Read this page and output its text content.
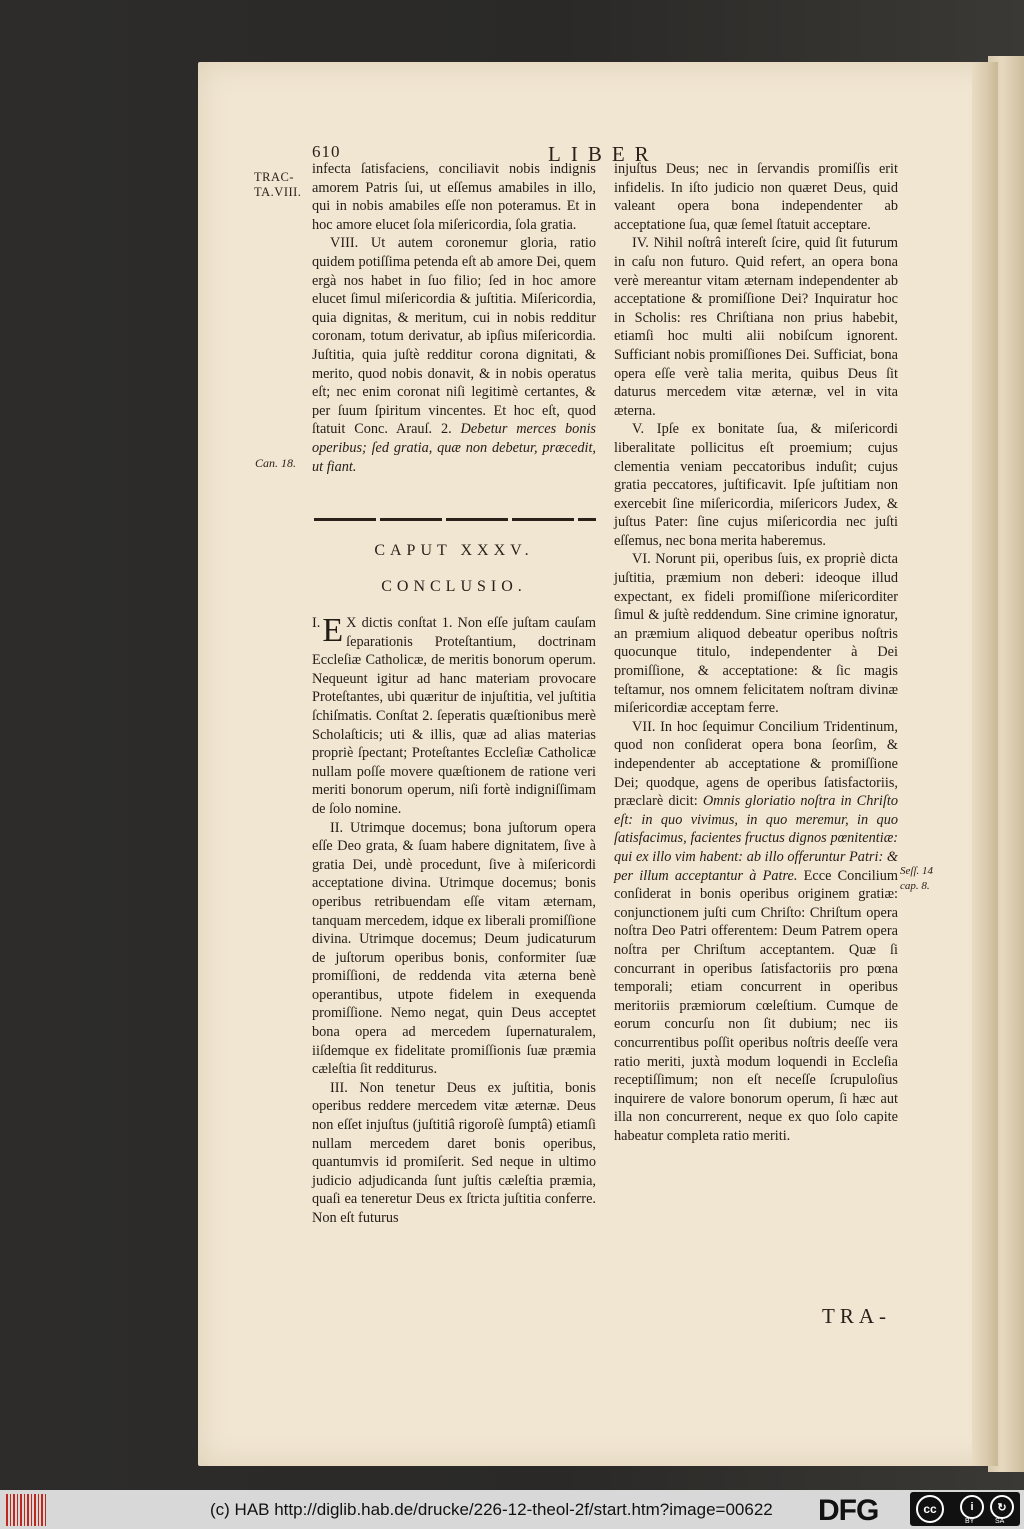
610	LIBER
TRAC-
TA.VIII.
Can. 18.
Seſſ. 14
cap. 8.

infecta ſatisfaciens, conciliavit nobis indignis amorem Patris ſui, ut eſſemus amabiles in illo, qui in nobis amabiles eſſe non poteramus. Et in hoc amore elucet ſola miſericordia, ſola gratia.

VIII. Ut autem coronemur gloria, ratio quidem potiſſima petenda eſt ab amore Dei, quem ergà nos habet in ſuo filio; ſed in hoc amore elucet ſimul miſericordia & juſtitia. Miſericordia, quia dignitas, & meritum, cui in nobis redditur coronam, totum derivatur, ab ipſius miſericordia. Juſtitia, quia juſtè redditur corona dignitati, & merito, quod nobis donavit, & in nobis operatus eſt; nec enim coronat niſi legitimè certantes, & per ſuum ſpiritum vincentes. Et hoc eſt, quod ſtatuit Conc. Arauſ. 2. Debetur merces bonis operibus; ſed gratia, quæ non debetur, præcedit, ut fiant.

CAPUT XXXV.
CONCLUSIO.

I. E X dictis conſtat 1. Non eſſe juſtam cauſam ſeparationis Proteſtantium, doctrinam Eccleſiæ Catholicæ, de meritis bonorum operum. Nequeunt igitur ad hanc materiam provocare Proteſtantes, ubi quæritur de injuſtitia, vel juſtitia ſchiſmatis. Conſtat 2. ſeperatis quæſtionibus merè Scholaſticis; uti & illis, quæ ad alias materias propriè ſpectant; Proteſtantes Eccleſiæ Catholicæ nullam poſſe movere quæſtionem de ratione veri meriti bonorum operum, niſi fortè indigniſſimam de ſolo nomine.

II. Utrimque docemus; bona juſtorum opera eſſe Deo grata, & ſuam habere dignitatem, ſive à gratia Dei, undè procedunt, ſive à miſericordi acceptatione divina. Utrimque docemus; bonis operibus retribuendam eſſe vitam æternam, tanquam mercedem, idque ex liberali promiſſione divina. Utrimque docemus; Deum judicaturum de juſtorum operibus bonis, conformiter ſuæ promiſſioni, de reddenda vita æterna benè operantibus, utpote fidelem in exequenda promiſſione. Nemo negat, quin Deus acceptet bona opera ad mercedem ſupernaturalem, iiſdemque ex fidelitate promiſſionis ſuæ præmia cæleſtia ſit redditurus.

III. Non tenetur Deus ex juſtitia, bonis operibus reddere mercedem vitæ æternæ. Deus non eſſet injuſtus (juſtitiâ rigoroſè ſumptâ) etiamſi nullam mercedem daret bonis operibus, quantumvis id promiſerit. Sed neque in ultimo judicio adjudicanda ſunt juſtis cæleſtia præmia, quaſi ea teneretur Deus ex ſtricta juſtitia conferre. Non eſt futurus

injuſtus Deus; nec in ſervandis promiſſis erit infidelis. In iſto judicio non quæret Deus, quid valeant opera bona independenter ab acceptatione ſua, quæ ſemel ſtatuit acceptare.

IV. Nihil noſtrâ intereſt ſcire, quid ſit futurum in caſu non futuro. Quid refert, an opera bona verè mereantur vitam æternam independenter ab acceptatione & promiſſione Dei? Inquiratur hoc in Scholis: res Chriſtiana non prius habebit, etiamſi hoc multi alii nobiſcum ignorent. Sufficiant nobis promiſſiones Dei. Sufficiat, bona opera eſſe verè talia merita, quibus Deus ſit daturus mercedem vitæ æternæ, vel in vita æterna.

V. Ipſe ex bonitate ſua, & miſericordi liberalitate pollicitus eſt proemium; cujus clementia veniam peccatoribus induſit; cujus gratia peccatores, juſtificavit. Ipſe juſtitiam non exercebit ſine miſericordia, miſericors Judex, & juſtus Pater: ſine cujus miſericordia nec juſti eſſemus, nec bona merita haberemus.

VI. Norunt pii, operibus ſuis, ex propriè dicta juſtitia, præmium non deberi: ideoque illud expectant, ex fideli promiſſione miſericorditer ſimul & juſtè reddendum. Sine crimine ignoratur, an præmium aliquod debeatur operibus noſtris quocunque titulo, independenter à Dei promiſſione, & acceptatione: & ſic magis teſtamur, nos omnem felicitatem noſtram divinæ miſericordiæ acceptam ferre.

VII. In hoc ſequimur Concilium Tridentinum, quod non conſiderat opera bona ſeorſim, & independenter ab acceptatione & promiſſione Dei; quodque, agens de operibus ſatisfactoriis, præclarè dicit: Omnis gloriatio noſtra in Chriſto eſt: in quo vivimus, in quo meremur, in quo ſatisfacimus, facientes fructus dignos pœnitentiæ: qui ex illo vim habent: ab illo offeruntur Patri: & per illum acceptantur à Patre. Ecce Concilium conſiderat in bonis operibus originem gratiæ: conjunctionem juſti cum Chriſto: Chriſtum opera noſtra Deo Patri offerentem: Deum Patrem opera noſtra per Chriſtum acceptantem. Quæ ſi concurrant in operibus ſatisfactoriis pro pœna temporali; etiam concurrent in operibus meritoriis præmiorum cœleſtium. Cumque de eorum concurſu non ſit dubium; nec iis concurrentibus poſſit operibus noſtris deeſſe vera ratio meriti, juxtà modum loquendi in Eccleſia receptiſſimum; non eſt neceſſe ſcrupuloſius inquirere de valore bonorum operum, ſi hæc aut illa non concurrerent, neque ex quo ſolo capite habeatur completa ratio meriti.

TRA-
(c) HAB http://diglib.hab.de/drucke/226-12-theol-2f/start.htm?image=00622 DFG	cc	i	↻
BY	SA
